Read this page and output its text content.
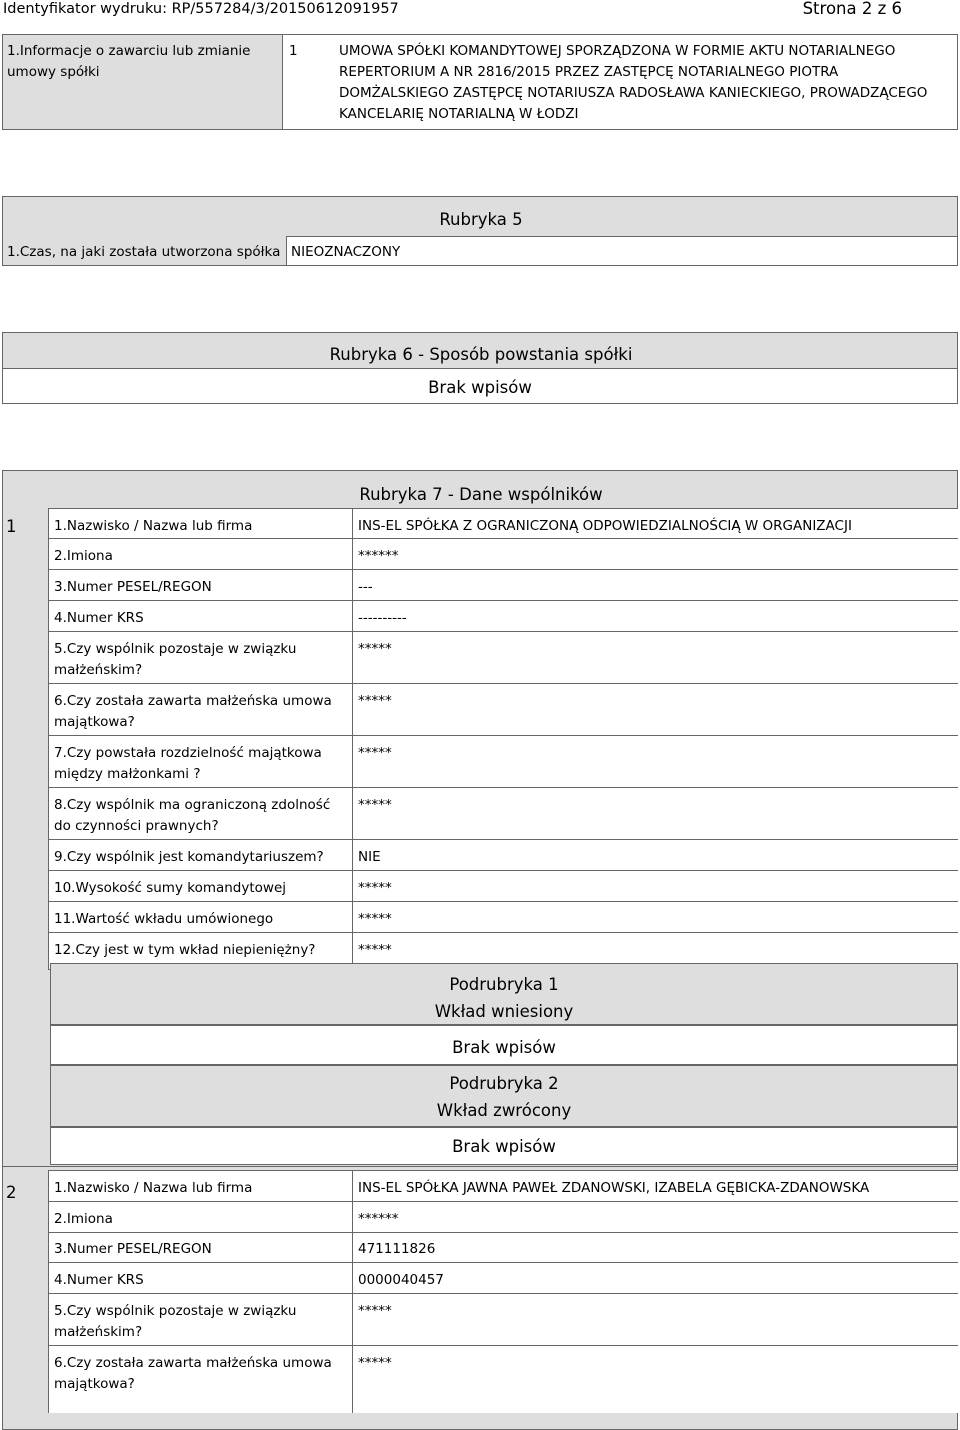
Identyfikator wydruku: RP/557284/3/20150612091957	Strona 2 z 6
1.Informacje o zawarciu lub zmianie umowy spółki
1	UMOWA SPÓŁKI KOMANDYTOWEJ SPORZĄDZONA W FORMIE AKTU NOTARIALNEGO REPERTORIUM A NR 2816/2015 PRZEZ ZASTĘPCĘ NOTARIALNEGO PIOTRA DOMŻALSKIEGO ZASTĘPCĘ NOTARIUSZA RADOSŁAWA KANIECKIEGO, PROWADZĄCEGO KANCELARIĘ NOTARIALNĄ W ŁODZI
Rubryka 5
1.Czas, na jaki została utworzona spółka NIEOZNACZONY
Rubryka 6 - Sposób powstania spółki
Brak wpisów
Rubryka 7 - Dane wspólników
1	1.Nazwisko / Nazwa lub firma	INS-EL SPÓŁKA Z OGRANICZONĄ ODPOWIEDZIALNOŚCIĄ W ORGANIZACJI
2.Imiona	******
3.Numer PESEL/REGON	---
4.Numer KRS	----------
5.Czy wspólnik pozostaje w związku małżeńskim?
*****
6.Czy została zawarta małżeńska umowa majątkowa?
*****
7.Czy powstała rozdzielność majątkowa między małżonkami ?
*****
8.Czy wspólnik ma ograniczoną zdolność do czynności prawnych?
*****
9.Czy wspólnik jest komandytariuszem?	NIE
10.Wysokość sumy komandytowej	*****
11.Wartość wkładu umówionego	*****
12.Czy jest w tym wkład niepieniężny?	*****
Podrubryka 1
Wkład wniesiony
Brak wpisów
Podrubryka 2
Wkład zwrócony
Brak wpisów
2	1.Nazwisko / Nazwa lub firma	INS-EL SPÓŁKA JAWNA PAWEŁ ZDANOWSKI, IZABELA GĘBICKA-ZDANOWSKA
2.Imiona	******
3.Numer PESEL/REGON	471111826
4.Numer KRS	0000040457
5.Czy wspólnik pozostaje w związku małżeńskim?
*****
6.Czy została zawarta małżeńska umowa majątkowa?
*****
